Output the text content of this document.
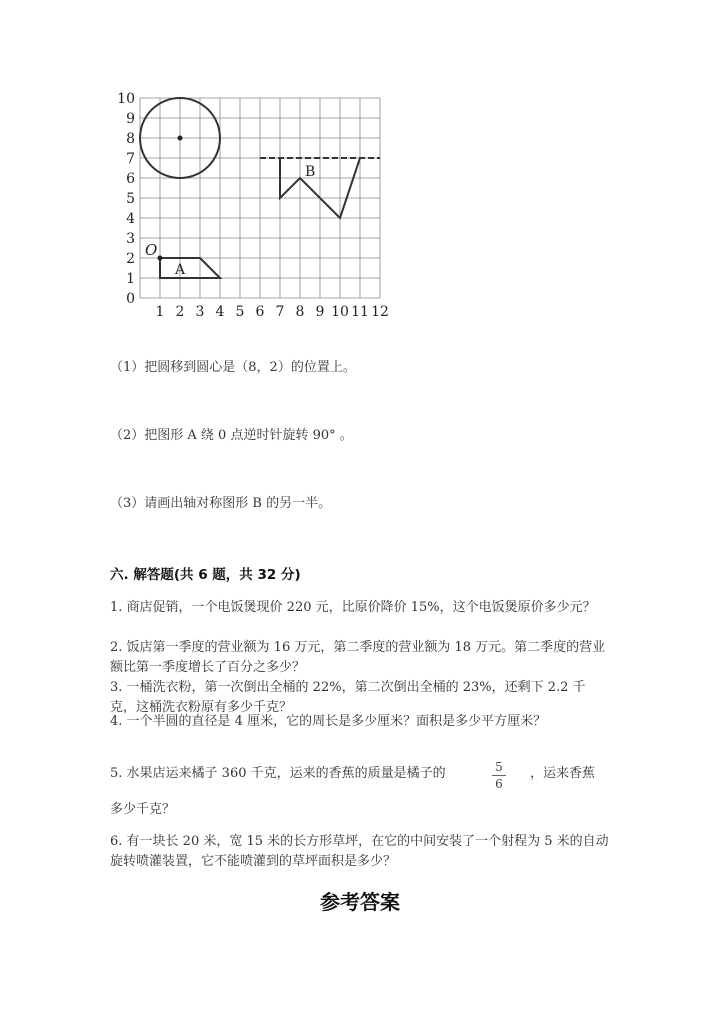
1 2 3 4 5 6 7 8 9 10 11 12
0
1
2
3
4
5
6
7
8
9
10
A
O
B
（1）把圆移到圆心是（8，2）的位置上。
（2）把图形 A 绕 0 点逆时针旋转 90° 。
（3）请画出轴对称图形 B 的另一半。
六. 解答题(共 6 题，共 32 分)
1. 商店促销，一个电饭煲现价 220 元，比原价降价 15%，这个电饭煲原价多少元？
2. 饭店第一季度的营业额为 16 万元，第二季度的营业额为 18 万元。第二季度的营业额比第一季度增长了百分之多少？
3. 一桶洗衣粉，第一次倒出全桶的 22%，第二次倒出全桶的 23%，还剩下 2.2 千克，这桶洗衣粉原有多少千克？
4. 一个半圆的直径是 4 厘米，它的周长是多少厘米？面积是多少平方厘米？
5. 水果店运来橘子 360 千克，运来的香蕉的质量是橘子的	5
6
，运来香蕉
多少千克？
6. 有一块长 20 米，宽 15 米的长方形草坪，在它的中间安装了一个射程为 5 米的自动旋转喷灌装置，它不能喷灌到的草坪面积是多少？
参考答案
